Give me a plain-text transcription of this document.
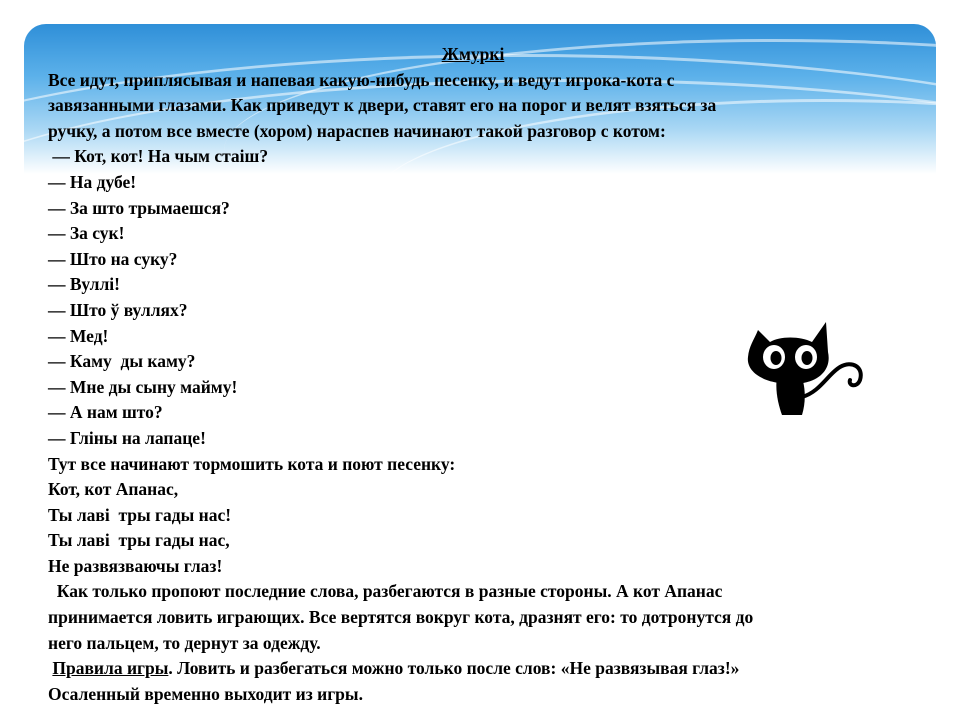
Жмуркі
Все идут, приплясывая и напевая какую-нибудь песенку, и ведут игрока-кота с
завязанными глазами. Как приведут к двери, ставят его на порог и велят взяться за
ручку, а потом все вместе (хором) нараспев начинают такой разговор с котом:
— Кот, кот! На чым стаіш?
— На дубе!
— За што трымаешся?
— За сук!
— Што на суку?
— Вуллі!
— Што ў вуллях?
— Мед!
— Каму  ды каму?
— Мне ды сыну майму!
— А нам што?
— Гліны на лапаце!
Тут все начинают тормошить кота и поют песенку:
Кот, кот Апанас,
Ты лаві  тры гады нас!
Ты лаві  тры гады нас,
Не развязваючы глаз!
Как только пропоют последние слова, разбегаются в разные стороны. А кот Апанас
принимается ловить играющих. Все вертятся вокруг кота, дразнят его: то дотронутся до
него пальцем, то дернут за одежду.
Правила игры. Ловить и разбегаться можно только после слов: «Не развязывая глаз!»
Осаленный временно выходит из игры.
